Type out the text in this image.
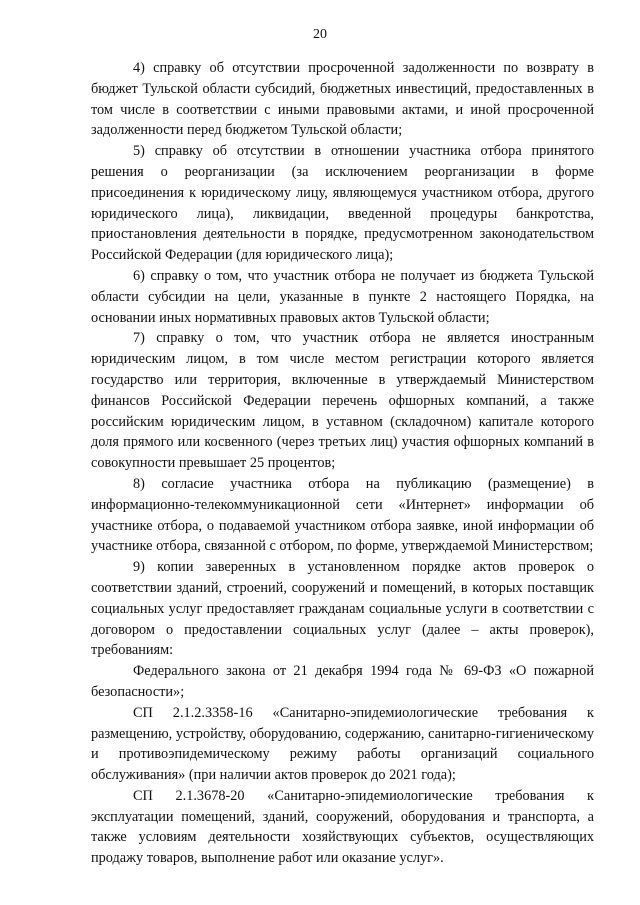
20

4) справку об отсутствии просроченной задолженности по возврату в бюджет Тульской области субсидий, бюджетных инвестиций, предоставленных в том числе в соответствии с иными правовыми актами, и иной просроченной задолженности перед бюджетом Тульской области;

5) справку об отсутствии в отношении участника отбора принятого решения о реорганизации (за исключением реорганизации в форме присоединения к юридическому лицу, являющемуся участником отбора, другого юридического лица), ликвидации, введенной процедуры банкротства, приостановления деятельности в порядке, предусмотренном законодательством Российской Федерации (для юридического лица);

6) справку о том, что участник отбора не получает из бюджета Тульской области субсидии на цели, указанные в пункте 2 настоящего Порядка, на основании иных нормативных правовых актов Тульской области;

7) справку о том, что участник отбора не является иностранным юридическим лицом, в том числе местом регистрации которого является государство или территория, включенные в утверждаемый Министерством финансов Российской Федерации перечень офшорных компаний, а также российским юридическим лицом, в уставном (складочном) капитале которого доля прямого или косвенного (через третьих лиц) участия офшорных компаний в совокупности превышает 25 процентов;

8) согласие участника отбора на публикацию (размещение) в информационно-телекоммуникационной сети «Интернет» информации об участнике отбора, о подаваемой участником отбора заявке, иной информации об участнике отбора, связанной с отбором, по форме, утверждаемой Министерством;

9) копии заверенных в установленном порядке актов проверок о соответствии зданий, строений, сооружений и помещений, в которых поставщик социальных услуг предоставляет гражданам социальные услуги в соответствии с договором о предоставлении социальных услуг (далее – акты проверок), требованиям:

Федерального закона от 21 декабря 1994 года № 69-ФЗ «О пожарной безопасности»;

СП 2.1.2.3358-16 «Санитарно-эпидемиологические требования к размещению, устройству, оборудованию, содержанию, санитарно-гигиеническому и противоэпидемическому режиму работы организаций социального обслуживания» (при наличии актов проверок до 2021 года);

СП 2.1.3678-20 «Санитарно-эпидемиологические требования к эксплуатации помещений, зданий, сооружений, оборудования и транспорта, а также условиям деятельности хозяйствующих субъектов, осуществляющих продажу товаров, выполнение работ или оказание услуг».
